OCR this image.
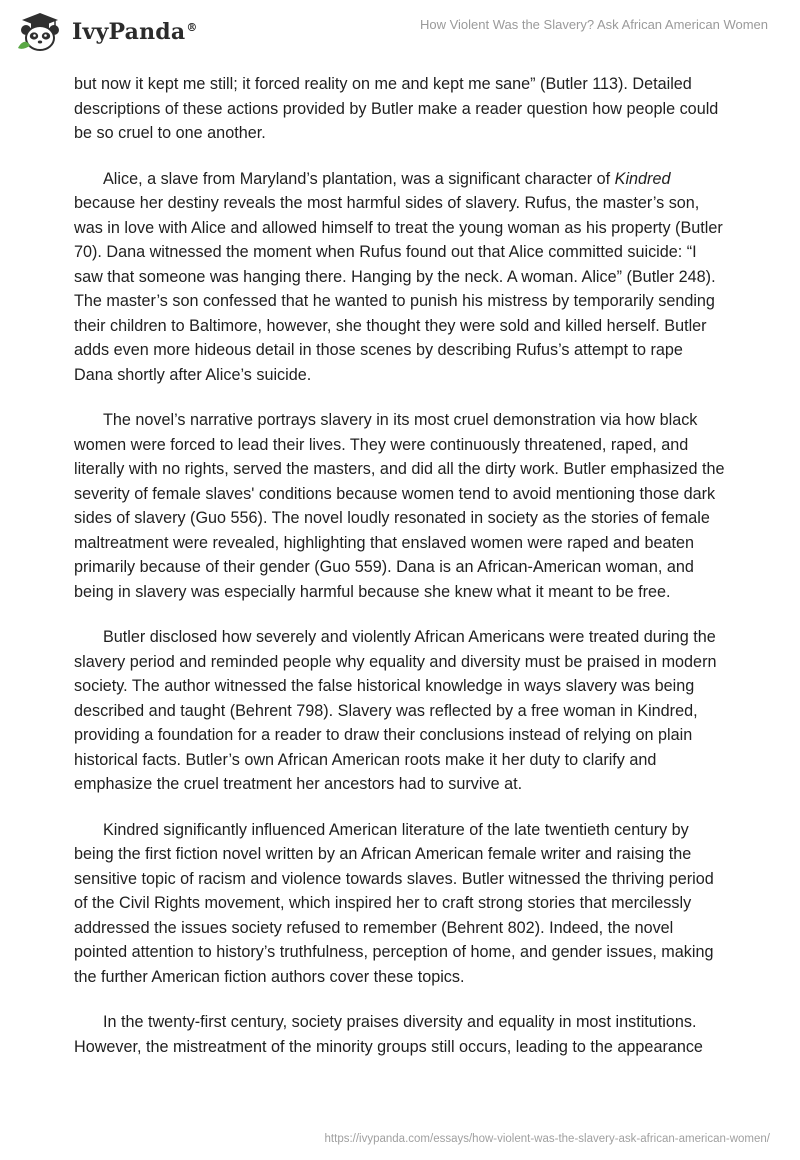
IvyPanda®	How Violent Was the Slavery? Ask African American Women

but now it kept me still; it forced reality on me and kept me sane” (Butler 113). Detailed descriptions of these actions provided by Butler make a reader question how people could be so cruel to one another.

Alice, a slave from Maryland’s plantation, was a significant character of Kindred because her destiny reveals the most harmful sides of slavery. Rufus, the master’s son, was in love with Alice and allowed himself to treat the young woman as his property (Butler 70). Dana witnessed the moment when Rufus found out that Alice committed suicide: “I saw that someone was hanging there. Hanging by the neck. A woman. Alice” (Butler 248). The master’s son confessed that he wanted to punish his mistress by temporarily sending their children to Baltimore, however, she thought they were sold and killed herself. Butler adds even more hideous detail in those scenes by describing Rufus’s attempt to rape Dana shortly after Alice’s suicide.

The novel’s narrative portrays slavery in its most cruel demonstration via how black women were forced to lead their lives. They were continuously threatened, raped, and literally with no rights, served the masters, and did all the dirty work. Butler emphasized the severity of female slaves' conditions because women tend to avoid mentioning those dark sides of slavery (Guo 556). The novel loudly resonated in society as the stories of female maltreatment were revealed, highlighting that enslaved women were raped and beaten primarily because of their gender (Guo 559). Dana is an African-American woman, and being in slavery was especially harmful because she knew what it meant to be free.

Butler disclosed how severely and violently African Americans were treated during the slavery period and reminded people why equality and diversity must be praised in modern society. The author witnessed the false historical knowledge in ways slavery was being described and taught (Behrent 798). Slavery was reflected by a free woman in Kindred, providing a foundation for a reader to draw their conclusions instead of relying on plain historical facts. Butler’s own African American roots make it her duty to clarify and emphasize the cruel treatment her ancestors had to survive at.

Kindred significantly influenced American literature of the late twentieth century by being the first fiction novel written by an African American female writer and raising the sensitive topic of racism and violence towards slaves. Butler witnessed the thriving period of the Civil Rights movement, which inspired her to craft strong stories that mercilessly addressed the issues society refused to remember (Behrent 802). Indeed, the novel pointed attention to history’s truthfulness, perception of home, and gender issues, making the further American fiction authors cover these topics.

In the twenty-first century, society praises diversity and equality in most institutions. However, the mistreatment of the minority groups still occurs, leading to the appearance

https://ivypanda.com/essays/how-violent-was-the-slavery-ask-african-american-women/
